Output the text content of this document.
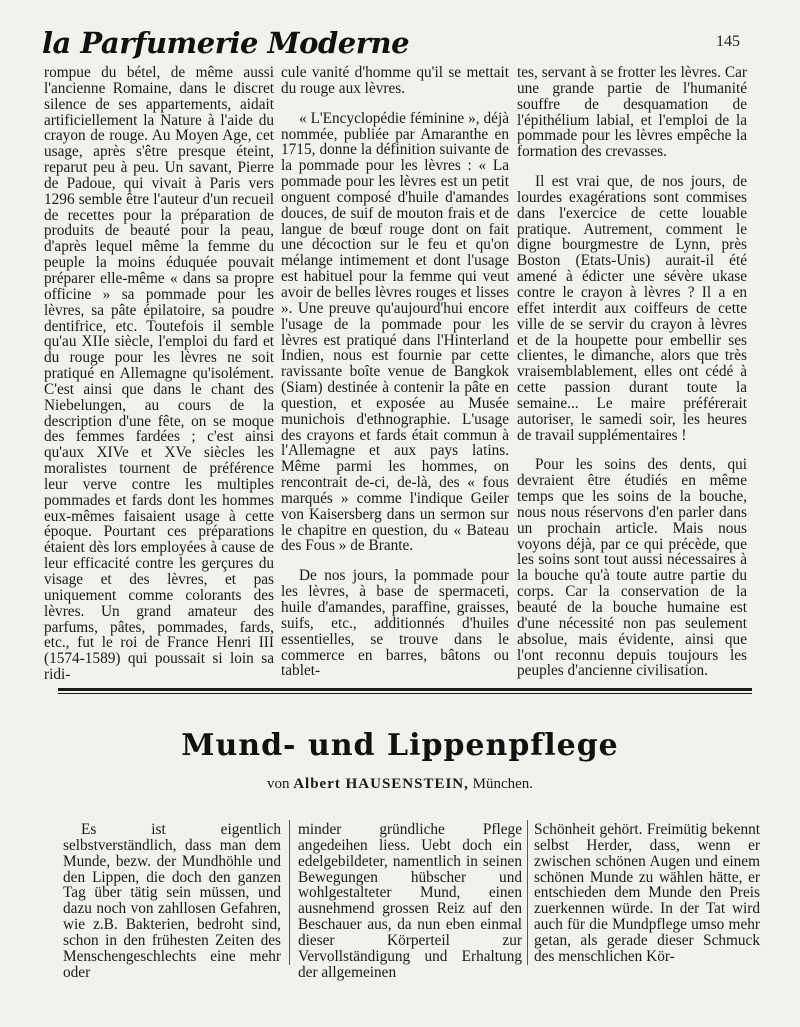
la Parfumerie Moderne	145

rompue du bétel, de même aussi l'ancienne Romaine, dans le discret silence de ses appartements, aidait artificiellement la Nature à l'aide du crayon de rouge. Au Moyen Age, cet usage, après s'être presque éteint, reparut peu à peu. Un savant, Pierre de Padoue, qui vivait à Paris vers 1296 semble être l'auteur d'un recueil de recettes pour la préparation de produits de beauté pour la peau, d'après lequel même la femme du peuple la moins éduquée pouvait préparer elle-même « dans sa propre officine » sa pommade pour les lèvres, sa pâte épilatoire, sa poudre dentifrice, etc. Toutefois il semble qu'au XIIe siècle, l'emploi du fard et du rouge pour les lèvres ne soit pratiqué en Allemagne qu'isolément. C'est ainsi que dans le chant des Niebelungen, au cours de la description d'une fête, on se moque des femmes fardées ; c'est ainsi qu'aux XIVe et XVe siècles les moralistes tournent de préférence leur verve contre les multiples pommades et fards dont les hommes eux-mêmes faisaient usage à cette époque. Pourtant ces préparations étaient dès lors employées à cause de leur efficacité contre les gerçures du visage et des lèvres, et pas uniquement comme colorants des lèvres. Un grand amateur des parfums, pâtes, pommades, fards, etc., fut le roi de France Henri III (1574-1589) qui poussait si loin sa ridi-

cule vanité d'homme qu'il se mettait du rouge aux lèvres.

« L'Encyclopédie féminine », déjà nommée, publiée par Amaranthe en 1715, donne la définition suivante de la pommade pour les lèvres : « La pommade pour les lèvres est un petit onguent composé d'huile d'amandes douces, de suif de mouton frais et de langue de bœuf rouge dont on fait une décoction sur le feu et qu'on mélange intimement et dont l'usage est habituel pour la femme qui veut avoir de belles lèvres rouges et lisses ». Une preuve qu'aujourd'hui encore l'usage de la pommade pour les lèvres est pratiqué dans l'Hinterland Indien, nous est fournie par cette ravissante boîte venue de Bangkok (Siam) destinée à contenir la pâte en question, et exposée au Musée munichois d'ethnographie. L'usage des crayons et fards était commun à l'Allemagne et aux pays latins. Même parmi les hommes, on rencontrait de-ci, de-là, des « fous marqués » comme l'indique Geiler von Kaisersberg dans un sermon sur le chapitre en question, du « Bateau des Fous » de Brante.

De nos jours, la pommade pour les lèvres, à base de spermaceti, huile d'amandes, paraffine, graisses, suifs, etc., additionnés d'huiles essentielles, se trouve dans le commerce en barres, bâtons ou tablet-

tes, servant à se frotter les lèvres. Car une grande partie de l'humanité souffre de desquamation de l'épithélium labial, et l'emploi de la pommade pour les lèvres empêche la formation des crevasses.

Il est vrai que, de nos jours, de lourdes exagérations sont commises dans l'exercice de cette louable pratique. Autrement, comment le digne bourgmestre de Lynn, près Boston (Etats-Unis) aurait-il été amené à édicter une sévère ukase contre le crayon à lèvres ? Il a en effet interdit aux coiffeurs de cette ville de se servir du crayon à lèvres et de la houpette pour embellir ses clientes, le dimanche, alors que très vraisemblablement, elles ont cédé à cette passion durant toute la semaine... Le maire préférerait autoriser, le samedi soir, les heures de travail supplémentaires !

Pour les soins des dents, qui devraient être étudiés en même temps que les soins de la bouche, nous nous réservons d'en parler dans un prochain article. Mais nous voyons déjà, par ce qui précède, que les soins sont tout aussi nécessaires à la bouche qu'à toute autre partie du corps. Car la conservation de la beauté de la bouche humaine est d'une nécessité non pas seulement absolue, mais évidente, ainsi que l'ont reconnu depuis toujours les peuples d'ancienne civilisation.

Mund- und Lippenpflege
von Albert HAUSENSTEIN, München.
Es ist eigentlich selbstverständlich, dass man dem Munde, bezw. der Mundhöhle und den Lippen, die doch den ganzen Tag über tätig sein müssen, und dazu noch von zahllosen Gefahren, wie z.B. Bakterien, bedroht sind, schon in den frühesten Zeiten des Menschengeschlechts eine mehr oder
minder gründliche Pflege angedeihen liess. Uebt doch ein edelgebildeter, namentlich in seinen Bewegungen hübscher und wohlgestalteter Mund, einen ausnehmend grossen Reiz auf den Beschauer aus, da nun eben einmal dieser Körperteil zur Vervollständigung und Erhaltung der allgemeinen
Schönheit gehört. Freimütig bekennt selbst Herder, dass, wenn er zwischen schönen Augen und einem schönen Munde zu wählen hätte, er entschieden dem Munde den Preis zuerkennen würde. In der Tat wird auch für die Mundpflege umso mehr getan, als gerade dieser Schmuck des menschlichen Kör-
